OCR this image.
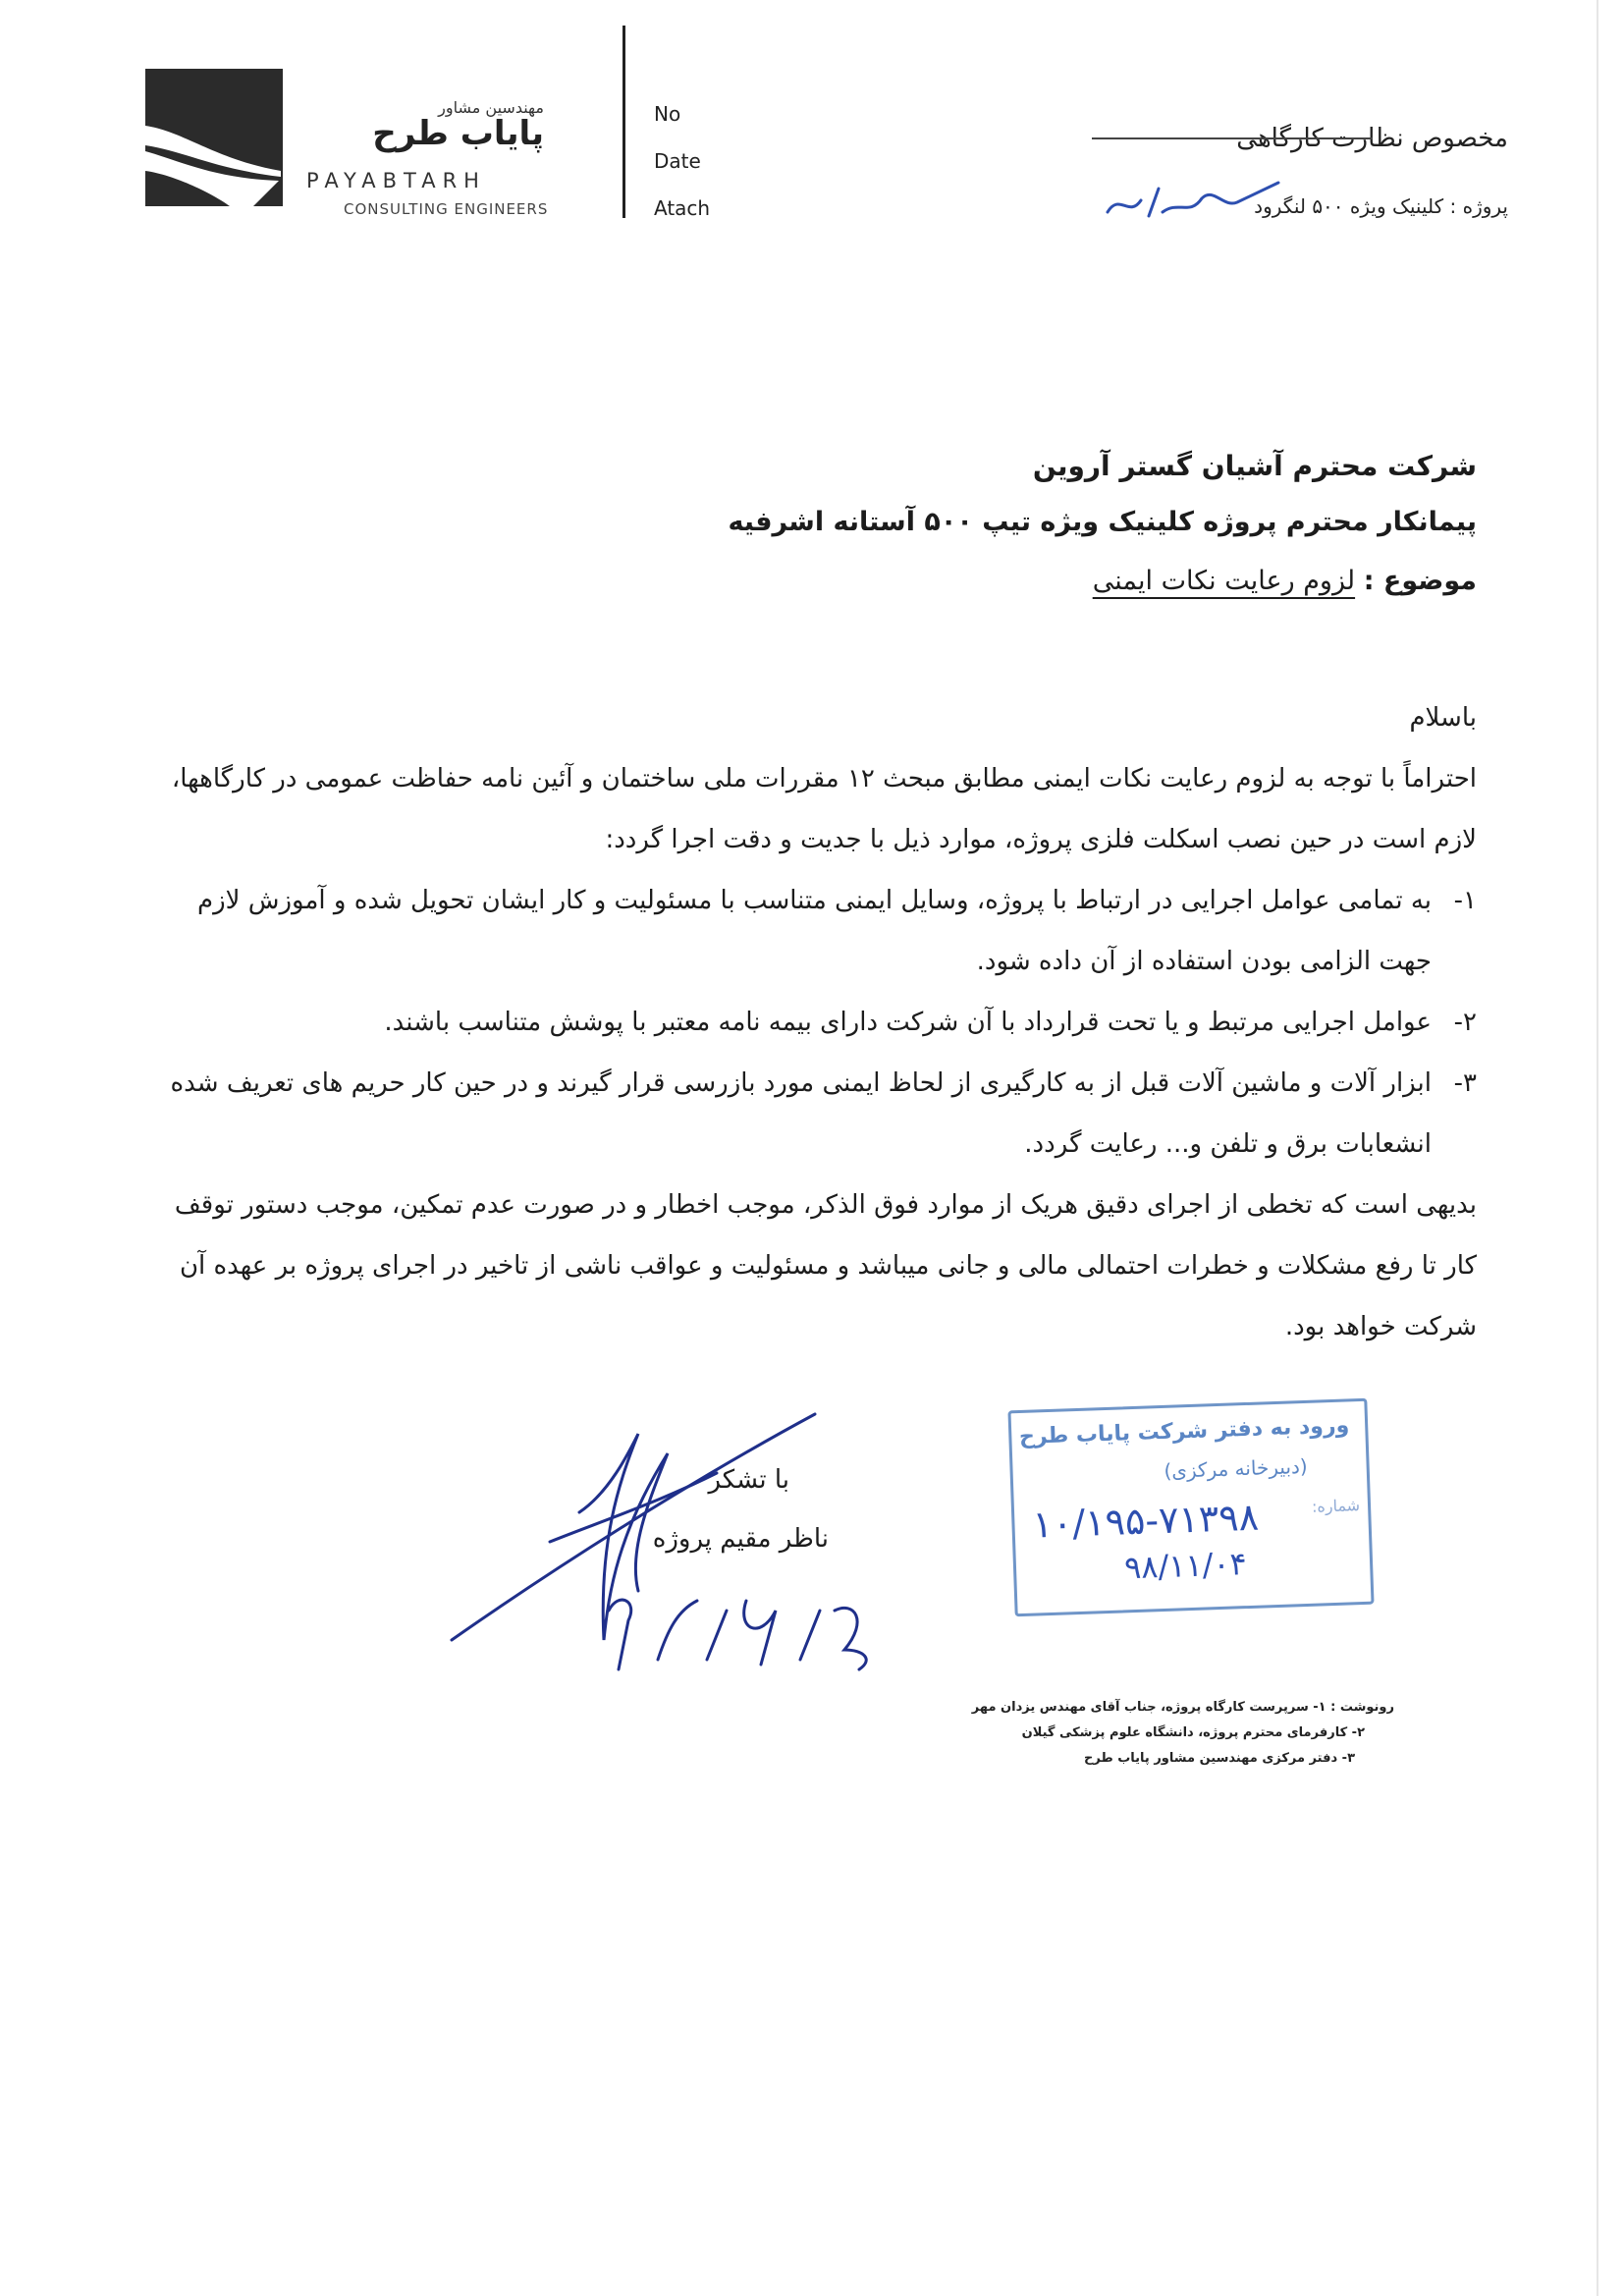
مهندسین مشاور
پایاب طرح
PAYABTARH
CONSULTING ENGINEERS
No
Date
Atach
مخصوص نظارت کارگاهی
پروژه : کلینیک ویژه ۵۰۰ لنگرود
شرکت محترم آشیان گستر آروین
پیمانکار محترم پروژه کلینیک ویژه تیپ ۵۰۰ آستانه اشرفیه
موضوع : لزوم رعایت نکات ایمنی

باسلام

احتراماً با توجه به لزوم رعایت نکات ایمنی مطابق مبحث ۱۲ مقررات ملی ساختمان و آئین نامه حفاظت عمومی در کارگاهها، لازم است در حین نصب اسکلت فلزی پروژه، موارد ذیل با جدیت و دقت اجرا گردد:

۱-
به تمامی عوامل اجرایی در ارتباط با پروژه، وسایل ایمنی متناسب با مسئولیت و کار ایشان تحویل شده و آموزش لازم جهت الزامی بودن استفاده از آن داده شود.
۲-
عوامل اجرایی مرتبط و یا تحت قرارداد با آن شرکت دارای بیمه نامه معتبر با پوشش متناسب باشند.
۳-
ابزار آلات و ماشین آلات قبل از به کارگیری از لحاظ ایمنی مورد بازرسی قرار گیرند و در حین کار حریم های تعریف شده انشعابات برق و تلفن و... رعایت گردد.

بدیهی است که تخطی از اجرای دقیق هریک از موارد فوق الذکر، موجب اخطار و در صورت عدم تمکین، موجب دستور توقف کار تا رفع مشکلات و خطرات احتمالی مالی و جانی میباشد و مسئولیت و عواقب ناشی از تاخیر در اجرای پروژه بر عهده آن شرکت خواهد بود.

با تشکر
ناظر مقیم پروژه
ورود به دفتر شرکت پایاب طرح
(دبیرخانه مرکزی)
شماره:
۱۰/۱۹۵-۷۱۳۹۸
۹۸/۱۱/۰۴
رونوشت : ۱- سرپرست کارگاه پروژه، جناب آقای مهندس یزدان مهر
۲- کارفرمای محترم پروژه، دانشگاه علوم پزشکی گیلان
۳- دفتر مرکزی مهندسین مشاور پایاب طرح
